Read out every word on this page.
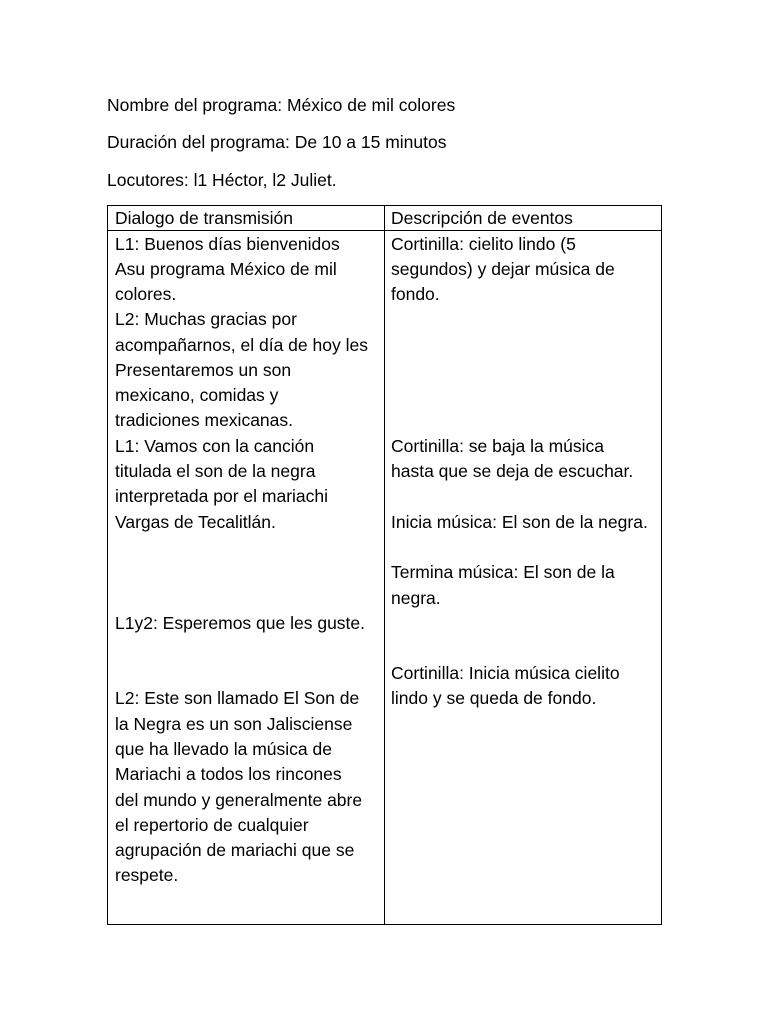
Nombre del programa: México de mil colores
Duración del programa: De 10 a 15 minutos
Locutores: l1 Héctor, l2 Juliet.
Dialogo de transmisión	Descripción de eventos
L1: Buenos días bienvenidos
Asu programa México de mil
colores.
L2: Muchas gracias por
acompañarnos, el día de hoy les
Presentaremos un son
mexicano, comidas y
tradiciones mexicanas.
L1: Vamos con la canción
titulada el son de la negra
interpretada por el mariachi
Vargas de Tecalitlán.
L1y2: Esperemos que les guste.
L2: Este son llamado El Son de
la Negra es un son Jalisciense
que ha llevado la música de
Mariachi a todos los rincones
del mundo y generalmente abre
el repertorio de cualquier
agrupación de mariachi que se
respete.
Cortinilla: cielito lindo (5
segundos) y dejar música de
fondo.
Cortinilla: se baja la música
hasta que se deja de escuchar.
Inicia música: El son de la negra.
Termina música: El son de la
negra.
Cortinilla: Inicia música cielito
lindo y se queda de fondo.
